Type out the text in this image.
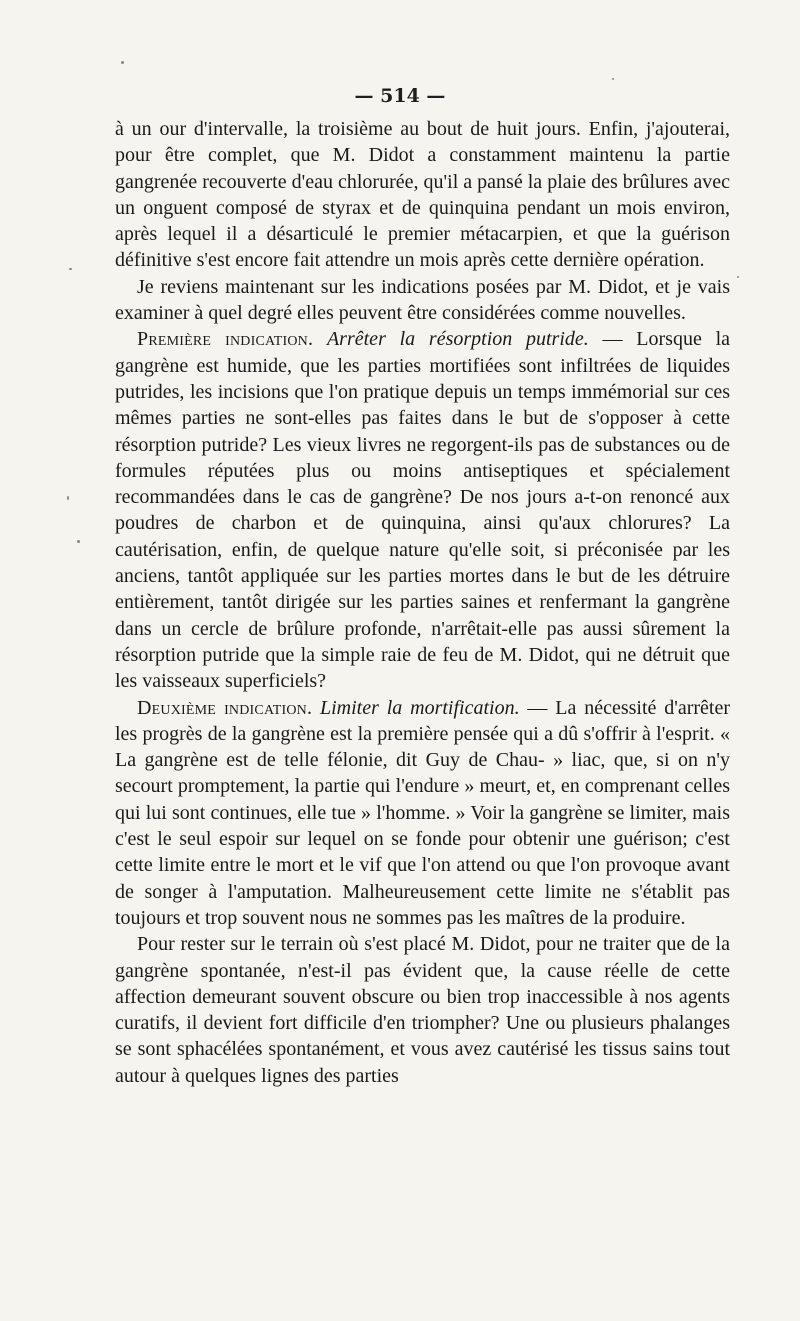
— 514 —

à un our d'intervalle, la troisième au bout de huit jours. Enfin, j'ajouterai, pour être complet, que M. Didot a constamment maintenu la partie gangrenée recouverte d'eau chlorurée, qu'il a pansé la plaie des brûlures avec un onguent composé de styrax et de quinquina pendant un mois environ, après lequel il a désarticulé le premier métacarpien, et que la guérison définitive s'est encore fait attendre un mois après cette dernière opération.

Je reviens maintenant sur les indications posées par M. Didot, et je vais examiner à quel degré elles peuvent être considérées comme nouvelles.

Première indication. Arrêter la résorption putride. — Lorsque la gangrène est humide, que les parties mortifiées sont infiltrées de liquides putrides, les incisions que l'on pratique depuis un temps immémorial sur ces mêmes parties ne sont-elles pas faites dans le but de s'opposer à cette résorption putride? Les vieux livres ne regorgent-ils pas de substances ou de formules réputées plus ou moins antiseptiques et spécialement recommandées dans le cas de gangrène? De nos jours a-t-on renoncé aux poudres de charbon et de quinquina, ainsi qu'aux chlorures? La cautérisation, enfin, de quelque nature qu'elle soit, si préconisée par les anciens, tantôt appliquée sur les parties mortes dans le but de les détruire entièrement, tantôt dirigée sur les parties saines et renfermant la gangrène dans un cercle de brûlure profonde, n'arrêtait-elle pas aussi sûrement la résorption putride que la simple raie de feu de M. Didot, qui ne détruit que les vaisseaux superficiels?

Deuxième indication. Limiter la mortification. — La nécessité d'arrêter les progrès de la gangrène est la première pensée qui a dû s'offrir à l'esprit. « La gangrène est de telle félonie, dit Guy de Chau- » liac, que, si on n'y secourt promptement, la partie qui l'endure » meurt, et, en comprenant celles qui lui sont continues, elle tue » l'homme. » Voir la gangrène se limiter, mais c'est le seul espoir sur lequel on se fonde pour obtenir une guérison; c'est cette limite entre le mort et le vif que l'on attend ou que l'on provoque avant de songer à l'amputation. Malheureusement cette limite ne s'établit pas toujours et trop souvent nous ne sommes pas les maîtres de la produire.

Pour rester sur le terrain où s'est placé M. Didot, pour ne traiter que de la gangrène spontanée, n'est-il pas évident que, la cause réelle de cette affection demeurant souvent obscure ou bien trop inaccessible à nos agents curatifs, il devient fort difficile d'en triompher? Une ou plusieurs phalanges se sont sphacélées spontanément, et vous avez cautérisé les tissus sains tout autour à quelques lignes des parties
